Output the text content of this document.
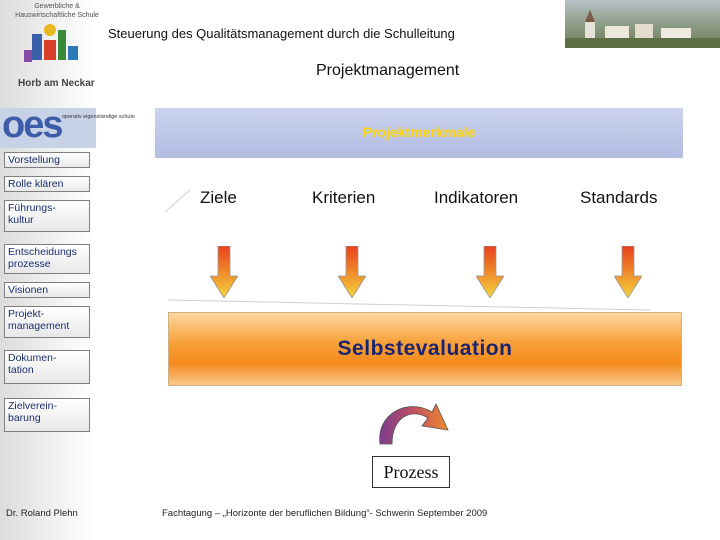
Gewerbliche & Hauswirtschaftliche Schule
Horb am Neckar
oes operativ eigenständige schule
Vorstellung
Rolle klären
Führungs-
kultur
Entscheidungs
prozesse
Visionen
Projekt-
management
Dokumen-
tation
Zielverein-
barung
Dr. Roland Plehn
Steuerung des Qualitätsmanagement durch die Schulleitung
Projektmanagement
Projektmerkmale
Ziele	Kriterien	Indikatoren	Standards
Selbstevaluation
Prozess
Fachtagung – „Horizonte der beruflichen Bildung“- Schwerin September 2009
